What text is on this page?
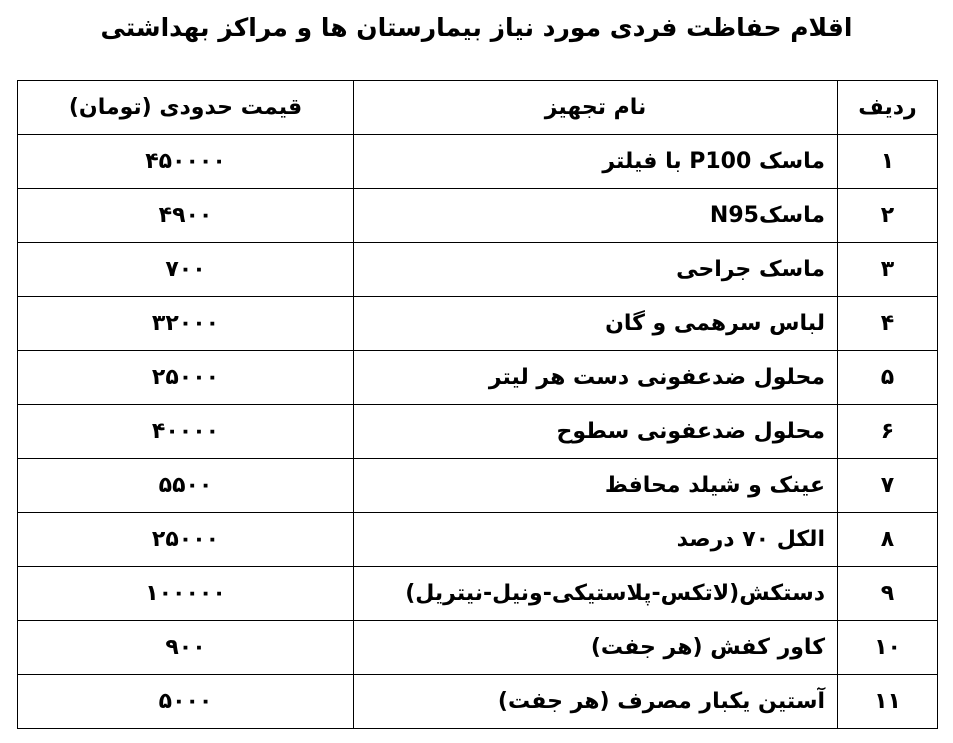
اقلام حفاظت فردی مورد نیاز بیمارستان ها و مراکز بهداشتی
ردیف	نام تجهیز	قیمت حدودی (تومان)
۱	ماسک P100 با فیلتر	۴۵۰۰۰۰
۲	ماسکN95	۴۹۰۰
۳	ماسک جراحی	۷۰۰
۴	لباس سرهمی و گان	۳۲۰۰۰
۵	محلول ضدعفونی دست هر لیتر	۲۵۰۰۰
۶	محلول ضدعفونی سطوح	۴۰۰۰۰
۷	عینک و شیلد محافظ	۵۵۰۰
۸	الکل ۷۰ درصد	۲۵۰۰۰
۹	دستکش(لاتکس-پلاستیکی-ونیل-نیتریل)	۱۰۰۰۰۰
۱۰	کاور کفش (هر جفت)	۹۰۰
۱۱	آستین یکبار مصرف (هر جفت)	۵۰۰۰
